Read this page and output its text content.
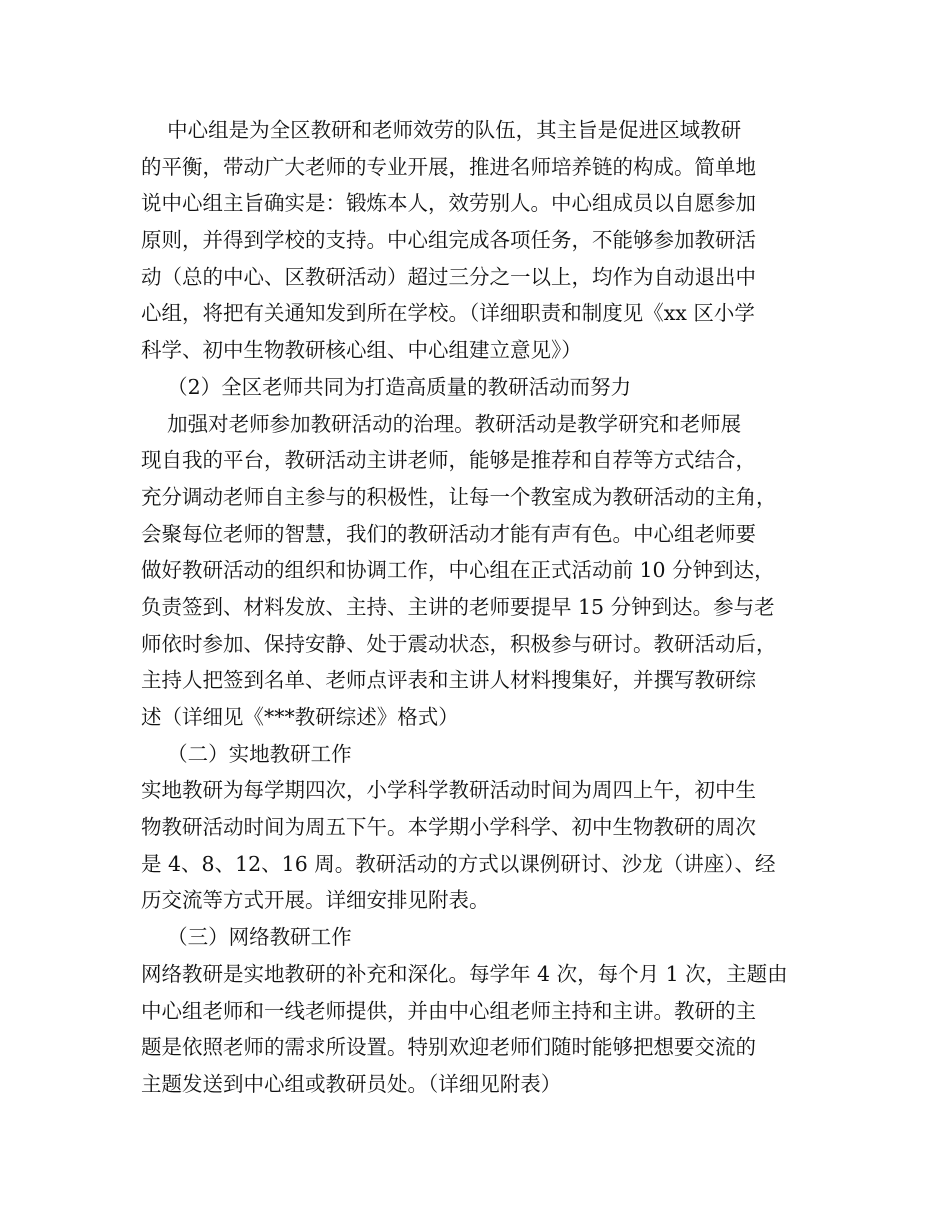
中心组是为全区教研和老师效劳的队伍，其主旨是促进区域教研
的平衡，带动广大老师的专业开展，推进名师培养链的构成。简单地
说中心组主旨确实是：锻炼本人，效劳别人。中心组成员以自愿参加
原则，并得到学校的支持。中心组完成各项任务，不能够参加教研活
动（总的中心、区教研活动）超过三分之一以上，均作为自动退出中
心组，将把有关通知发到所在学校。（详细职责和制度见《xx 区小学
科学、初中生物教研核心组、中心组建立意见》）
（2）全区老师共同为打造高质量的教研活动而努力
加强对老师参加教研活动的治理。教研活动是教学研究和老师展
现自我的平台，教研活动主讲老师，能够是推荐和自荐等方式结合，
充分调动老师自主参与的积极性，让每一个教室成为教研活动的主角，
会聚每位老师的智慧，我们的教研活动才能有声有色。中心组老师要
做好教研活动的组织和协调工作，中心组在正式活动前 10 分钟到达，
负责签到、材料发放、主持、主讲的老师要提早 15 分钟到达。参与老
师依时参加、保持安静、处于震动状态，积极参与研讨。教研活动后，
主持人把签到名单、老师点评表和主讲人材料搜集好，并撰写教研综
述（详细见《***教研综述》格式）
（二）实地教研工作
实地教研为每学期四次，小学科学教研活动时间为周四上午，初中生
物教研活动时间为周五下午。本学期小学科学、初中生物教研的周次
是 4、8、12、16 周。教研活动的方式以课例研讨、沙龙（讲座）、经
历交流等方式开展。详细安排见附表。
（三）网络教研工作
网络教研是实地教研的补充和深化。每学年 4 次，每个月 1 次，主题由
中心组老师和一线老师提供，并由中心组老师主持和主讲。教研的主
题是依照老师的需求所设置。特别欢迎老师们随时能够把想要交流的
主题发送到中心组或教研员处。（详细见附表）
